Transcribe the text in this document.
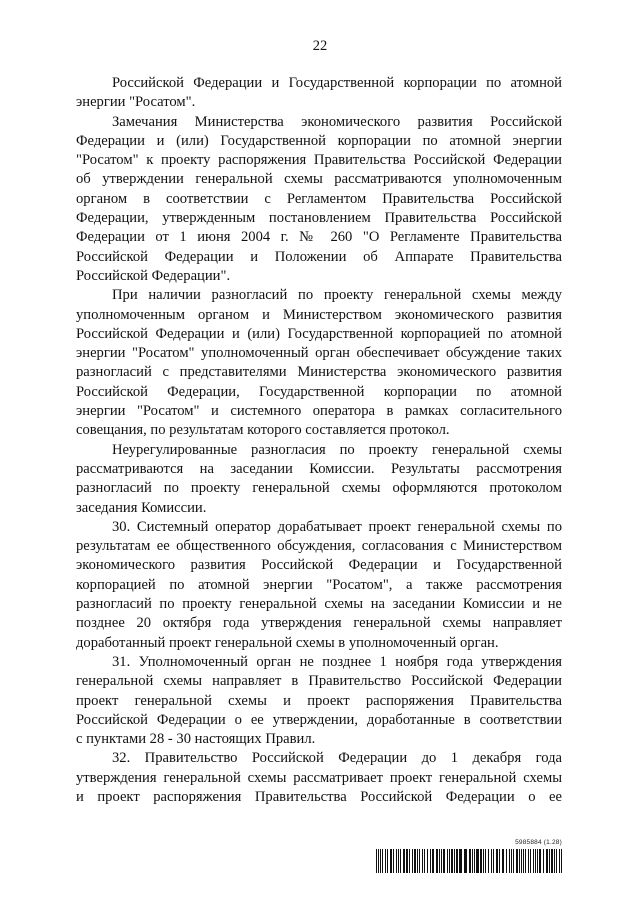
22
Российской Федерации и Государственной корпорации по атомной
энергии "Росатом".
Замечания Министерства экономического развития Российской
Федерации и (или) Государственной корпорации по атомной энергии
"Росатом" к проекту распоряжения Правительства Российской Федерации
об утверждении генеральной схемы рассматриваются уполномоченным
органом в соответствии с Регламентом Правительства Российской
Федерации, утвержденным постановлением Правительства Российской
Федерации от 1 июня 2004 г. № 260 "О Регламенте Правительства
Российской Федерации и Положении об Аппарате Правительства
Российской Федерации".
При наличии разногласий по проекту генеральной схемы между
уполномоченным органом и Министерством экономического развития
Российской Федерации и (или) Государственной корпорацией по атомной
энергии "Росатом" уполномоченный орган обеспечивает обсуждение таких
разногласий с представителями Министерства экономического развития
Российской Федерации, Государственной корпорации по атомной
энергии "Росатом" и системного оператора в рамках согласительного
совещания, по результатам которого составляется протокол.
Неурегулированные разногласия по проекту генеральной схемы
рассматриваются на заседании Комиссии. Результаты рассмотрения
разногласий по проекту генеральной схемы оформляются протоколом
заседания Комиссии.
30. Системный оператор дорабатывает проект генеральной схемы по
результатам ее общественного обсуждения, согласования с Министерством
экономического развития Российской Федерации и Государственной
корпорацией по атомной энергии "Росатом", а также рассмотрения
разногласий по проекту генеральной схемы на заседании Комиссии и не
позднее 20 октября года утверждения генеральной схемы направляет
доработанный проект генеральной схемы в уполномоченный орган.
31. Уполномоченный орган не позднее 1 ноября года утверждения
генеральной схемы направляет в Правительство Российской Федерации
проект генеральной схемы и проект распоряжения Правительства
Российской Федерации о ее утверждении, доработанные в соответствии
с пунктами 28 - 30 настоящих Правил.
32. Правительство Российской Федерации до 1 декабря года
утверждения генеральной схемы рассматривает проект генеральной схемы
и проект распоряжения Правительства Российской Федерации о ее
5985884 (1.28)
